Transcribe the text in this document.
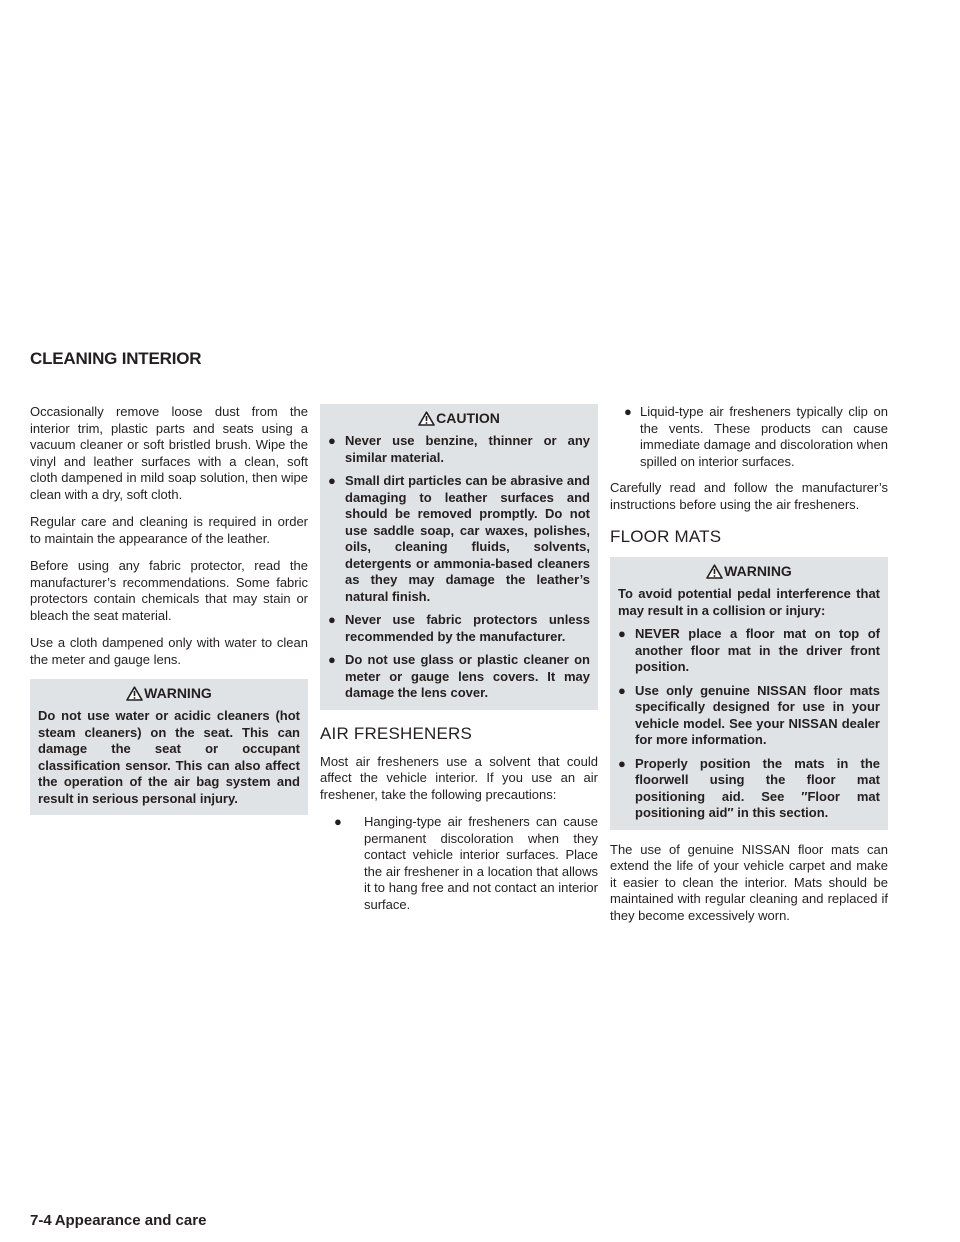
CLEANING INTERIOR

Occasionally remove loose dust from the interior trim, plastic parts and seats using a vacuum cleaner or soft bristled brush. Wipe the vinyl and leather surfaces with a clean, soft cloth dampened in mild soap solution, then wipe clean with a dry, soft cloth.

Regular care and cleaning is required in order to maintain the appearance of the leather.

Before using any fabric protector, read the manufacturer’s recommendations. Some fabric protectors contain chemicals that may stain or bleach the seat material.

Use a cloth dampened only with water to clean the meter and gauge lens.

WARNING
Do not use water or acidic cleaners (hot steam cleaners) on the seat. This can damage the seat or occupant classification sensor. This can also affect the operation of the air bag system and result in serious personal injury.
CAUTION
● Never use benzine, thinner or any similar material.
● Small dirt particles can be abrasive and damaging to leather surfaces and should be removed promptly. Do not use saddle soap, car waxes, polishes, oils, cleaning fluids, solvents, detergents or ammonia-based cleaners as they may damage the leather’s natural finish.
● Never use fabric protectors unless recommended by the manufacturer.
● Do not use glass or plastic cleaner on meter or gauge lens covers. It may damage the lens cover.
AIR FRESHENERS

Most air fresheners use a solvent that could affect the vehicle interior. If you use an air freshener, take the following precautions:

● Hanging-type air fresheners can cause permanent discoloration when they contact vehicle interior surfaces. Place the air freshener in a location that allows it to hang free and not contact an interior surface.
● Liquid-type air fresheners typically clip on the vents. These products can cause immediate damage and discoloration when spilled on interior surfaces.

Carefully read and follow the manufacturer’s instructions before using the air fresheners.

FLOOR MATS
WARNING
To avoid potential pedal interference that may result in a collision or injury:
● NEVER place a floor mat on top of another floor mat in the driver front position.
● Use only genuine NISSAN floor mats specifically designed for use in your vehicle model. See your NISSAN dealer for more information.
● Properly position the mats in the floorwell using the floor mat positioning aid. See ″Floor mat positioning aid″ in this section.

The use of genuine NISSAN floor mats can extend the life of your vehicle carpet and make it easier to clean the interior. Mats should be maintained with regular cleaning and replaced if they become excessively worn.

7-4 Appearance and care
